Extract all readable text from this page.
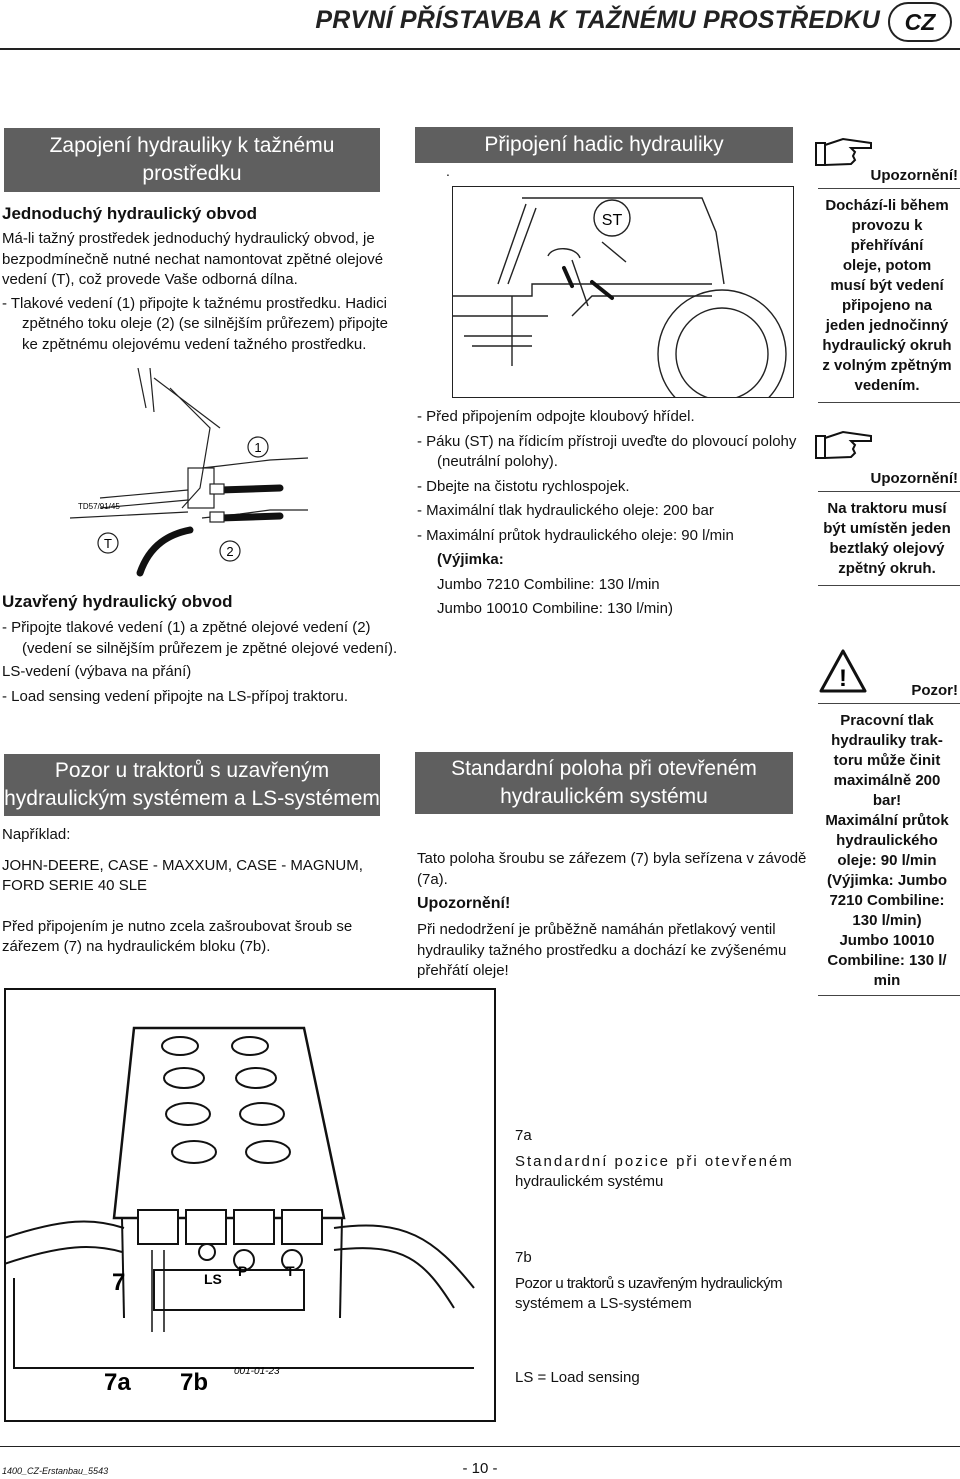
PRVNÍ PŘÍSTAVBA K TAŽNÉMU PROSTŘEDKU	CZ
Zapojení hydrauliky k tažnému
prostředku
Jednoduchý hydraulický obvod
Má-li tažný prostředek jednoduchý hydraulický obvod, je
bezpodmínečně nutné nechat namontovat zpětné olejové
vedení (T), což provede Vaše odborná dílna.
- Tlakové vedení (1) připojte k tažnému prostředku. Hadici
zpětného toku oleje (2) (se silnějším průřezem) připojte
ke zpětnému olejovému vedení tažného prostředku.
1
T
2
TD57/91/45
Uzavřený hydraulický obvod
- Připojte tlakové vedení (1) a zpětné olejové vedení (2)
(vedení se silnějším průřezem je zpětné olejové vedení).
LS-vedení (výbava na přání)
- Load sensing vedení připojte na LS-přípoj traktoru.
Pozor u traktorů s uzavřeným
hydraulickým systémem a LS-systémem
Například:
JOHN-DEERE, CASE - MAXXUM, CASE - MAGNUM,
FORD SERIE 40 SLE
Před připojením je nutno zcela zašroubovat šroub se
zářezem (7) na hydraulickém bloku (7b).
Připojení hadic hydrauliky
.
ST
- Před připojením odpojte kloubový hřídel.
- Páku (ST) na řídicím přístroji uveďte do plovoucí polohy
(neutrální polohy).
- Dbejte na čistotu rychlospojek.
- Maximální tlak hydraulického oleje: 200 bar
- Maximální průtok hydraulického oleje: 90 l/min
(Výjimka:
Jumbo 7210 Combiline: 130 l/min
Jumbo 10010 Combiline: 130 l/min)
Standardní poloha při otevřeném
hydraulickém systému
Tato poloha šroubu se zářezem (7) byla seřízena v závodě
(7a).
Upozornění!
Při nedodržení je průběžně namáhán přetlakový ventil
hydrauliky tažného prostředku a dochází ke zvýšenému
přehřátí oleje!
Upozornění!
Dochází-li během
provozu k
přehřívání
oleje, potom
musí být vedení
připojeno na
jeden jednočinný
hydraulický okruh
z volným zpětným
vedením.
Upozornění!
Na traktoru musí
být umístěn jeden
beztlaký olejový
zpětný okruh.
!	Pozor!
Pracovní tlak
hydrauliky trak-
toru může činit
maximálně 200
bar!
Maximální průtok
hydraulického
oleje: 90 l/min
(Výjimka: Jumbo
7210 Combiline:
130 l/min)
Jumbo 10010
Combiline: 130 l/
min
7	LS P	T
7a 7b	001-01-23
7a
Standardní pozice při otevřeném
hydraulickém systému
7b
Pozor u traktorů s uzavřeným hydraulickým
systémem a LS-systémem
LS = Load sensing
1400_CZ-Erstanbau_5543	- 10 -
